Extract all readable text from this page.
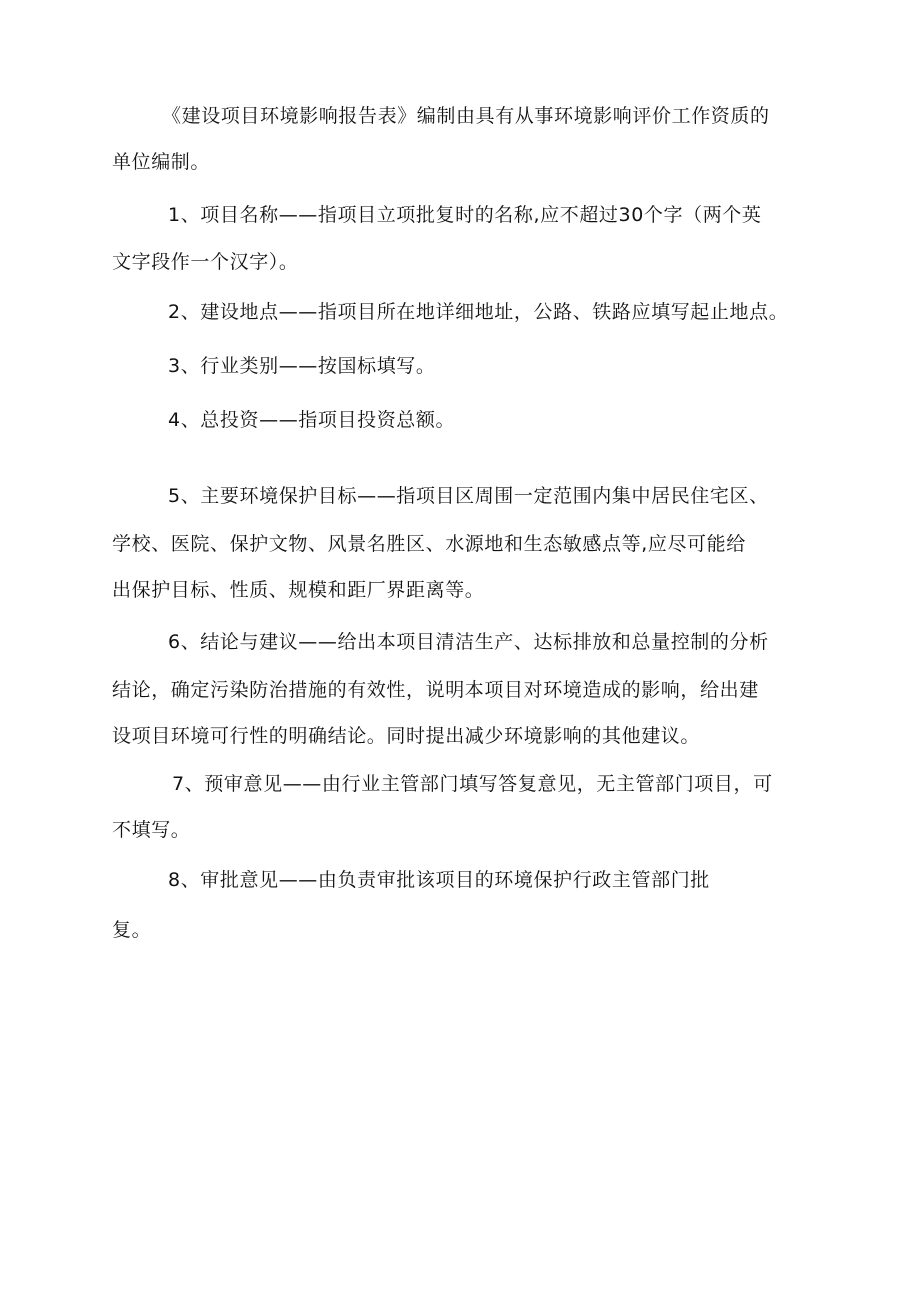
《建设项目环境影响报告表》编制由具有从事环境影响评价工作资质的
单位编制。
1、项目名称——指项目立项批复时的名称,应不超过30个字（两个英
文字段作一个汉字）。
2、建设地点——指项目所在地详细地址，公路、铁路应填写起止地点。
3、行业类别——按国标填写。
4、总投资——指项目投资总额。
5、主要环境保护目标——指项目区周围一定范围内集中居民住宅区、
学校、医院、保护文物、风景名胜区、水源地和生态敏感点等,应尽可能给
出保护目标、性质、规模和距厂界距离等。
6、结论与建议——给出本项目清洁生产、达标排放和总量控制的分析
结论，确定污染防治措施的有效性，说明本项目对环境造成的影响，给出建
设项目环境可行性的明确结论。同时提出减少环境影响的其他建议。
7、预审意见——由行业主管部门填写答复意见，无主管部门项目，可
不填写。
8、审批意见——由负责审批该项目的环境保护行政主管部门批
复。
